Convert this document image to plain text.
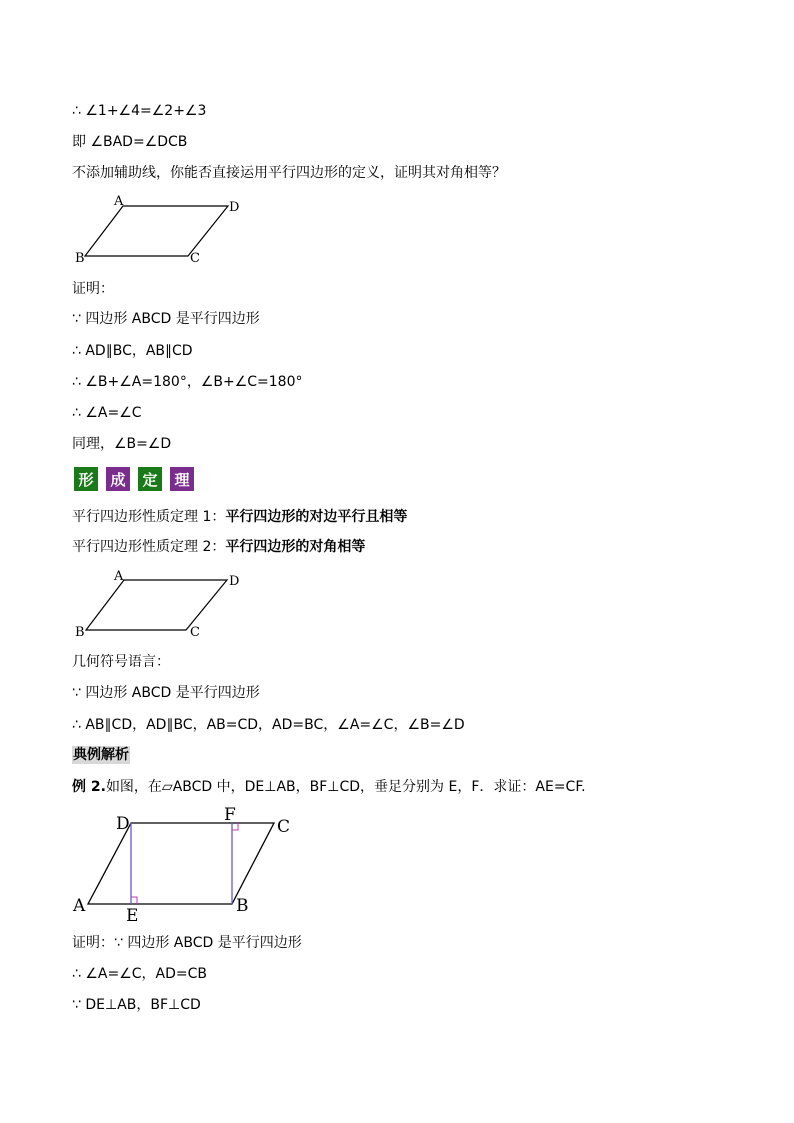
∴ ∠1+∠4=∠2+∠3
即 ∠BAD=∠DCB
不添加辅助线，你能否直接运用平行四边形的定义，证明其对角相等？
A	D
B	C
证明：
∵ 四边形 ABCD 是平行四边形
∴ AD∥BC，AB∥CD
∴ ∠B+∠A=180°，∠B+∠C=180°
∴ ∠A=∠C
同理，∠B=∠D
形	成	定	理
平行四边形性质定理 1：平行四边形的对边平行且相等
平行四边形性质定理 2：平行四边形的对角相等
A	D
B	C
几何符号语言：
∵ 四边形 ABCD 是平行四边形
∴ AB∥CD，AD∥BC，AB=CD，AD=BC，∠A=∠C，∠B=∠D
典例解析
例 2.如图，在▱ABCD 中，DE⊥AB，BF⊥CD，垂足分别为 E，F．求证：AE=CF.
D	F
C
A E	B
证明：∵ 四边形 ABCD 是平行四边形
∴ ∠A=∠C，AD=CB
∵ DE⊥AB，BF⊥CD
